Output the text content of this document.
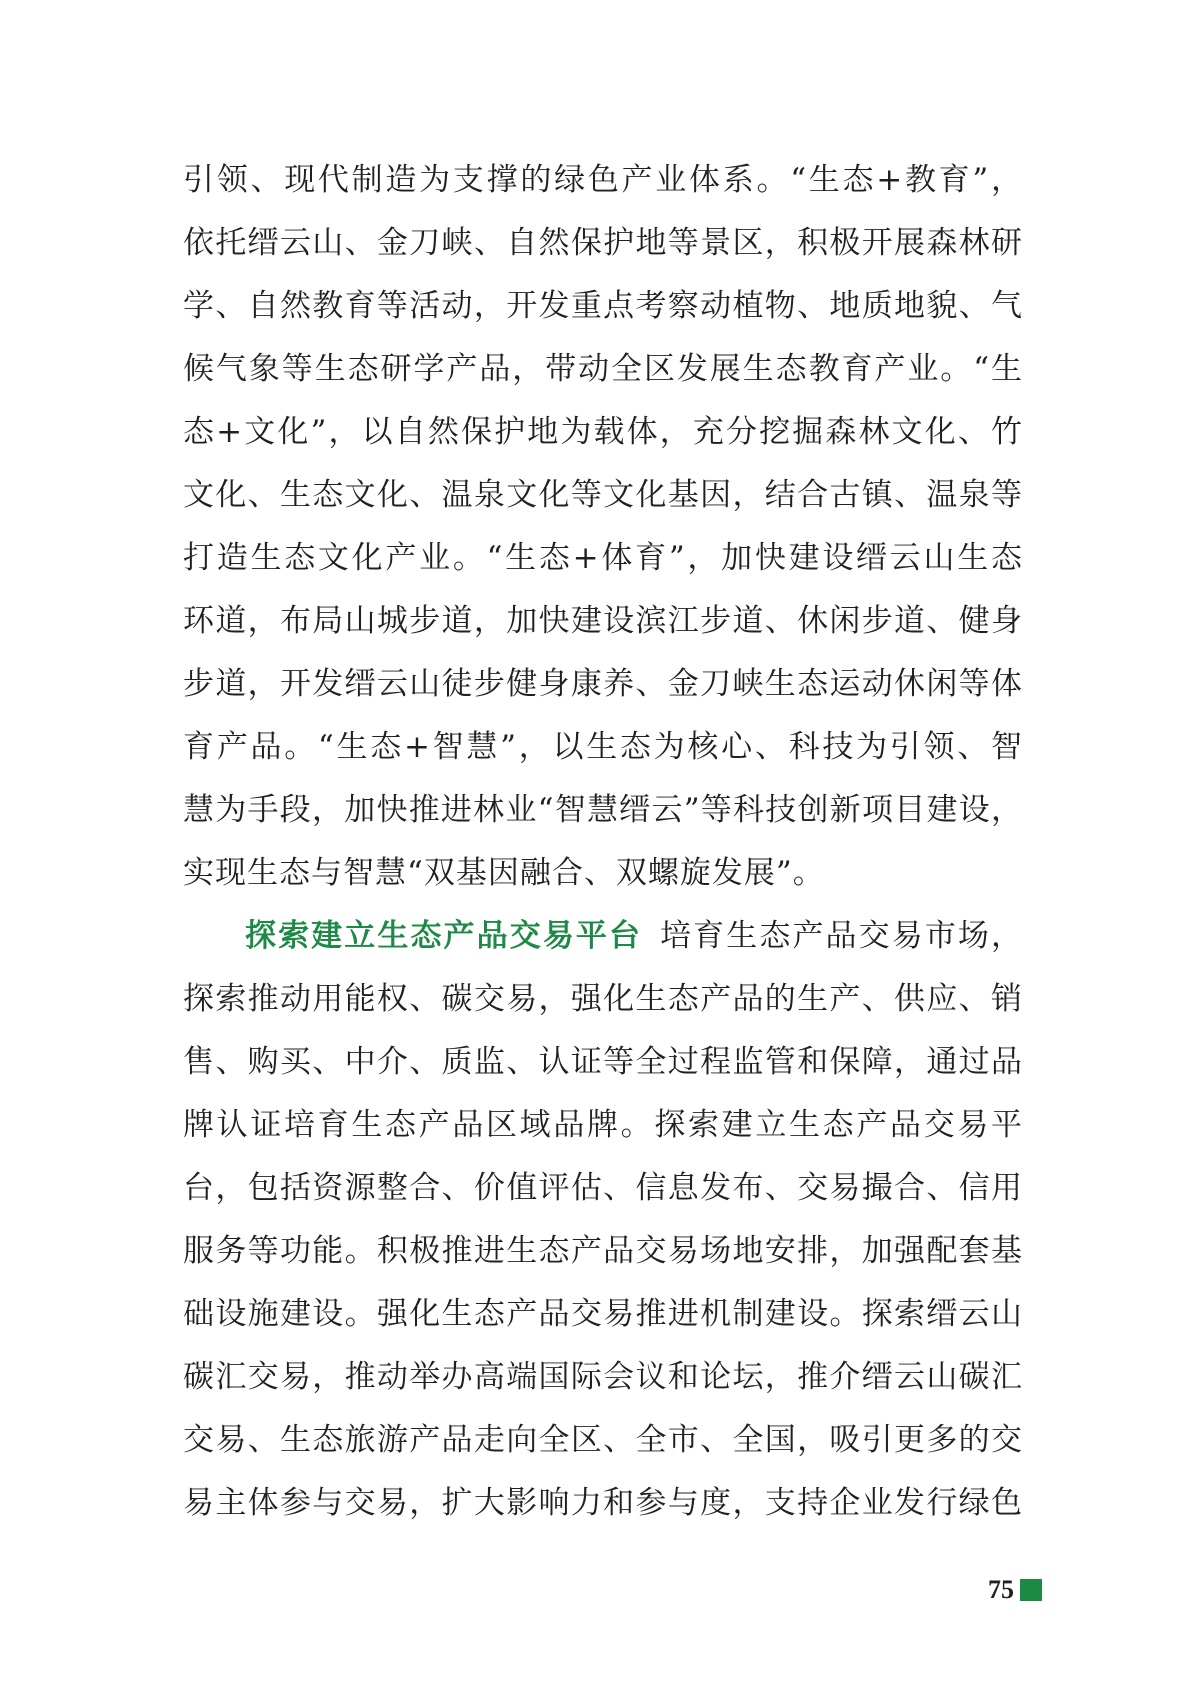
引领、现代制造为支撑的绿色产业体系。“生态+教育”，
依托缙云山、金刀峡、自然保护地等景区，积极开展森林研
学、自然教育等活动，开发重点考察动植物、地质地貌、气
候气象等生态研学产品，带动全区发展生态教育产业。“生
态+文化”，以自然保护地为载体，充分挖掘森林文化、竹
文化、生态文化、温泉文化等文化基因，结合古镇、温泉等
打造生态文化产业。“生态+体育”，加快建设缙云山生态
环道，布局山城步道，加快建设滨江步道、休闲步道、健身
步道，开发缙云山徒步健身康养、金刀峡生态运动休闲等体
育产品。“生态+智慧”，以生态为核心、科技为引领、智
慧为手段，加快推进林业“智慧缙云”等科技创新项目建设，
实现生态与智慧“双基因融合、双螺旋发展”。
探索建立生态产品交易平台 培育生态产品交易市场，
探索推动用能权、碳交易，强化生态产品的生产、供应、销
售、购买、中介、质监、认证等全过程监管和保障，通过品
牌认证培育生态产品区域品牌。探索建立生态产品交易平
台，包括资源整合、价值评估、信息发布、交易撮合、信用
服务等功能。积极推进生态产品交易场地安排，加强配套基
础设施建设。强化生态产品交易推进机制建设。探索缙云山
碳汇交易，推动举办高端国际会议和论坛，推介缙云山碳汇
交易、生态旅游产品走向全区、全市、全国，吸引更多的交
易主体参与交易，扩大影响力和参与度，支持企业发行绿色
75
